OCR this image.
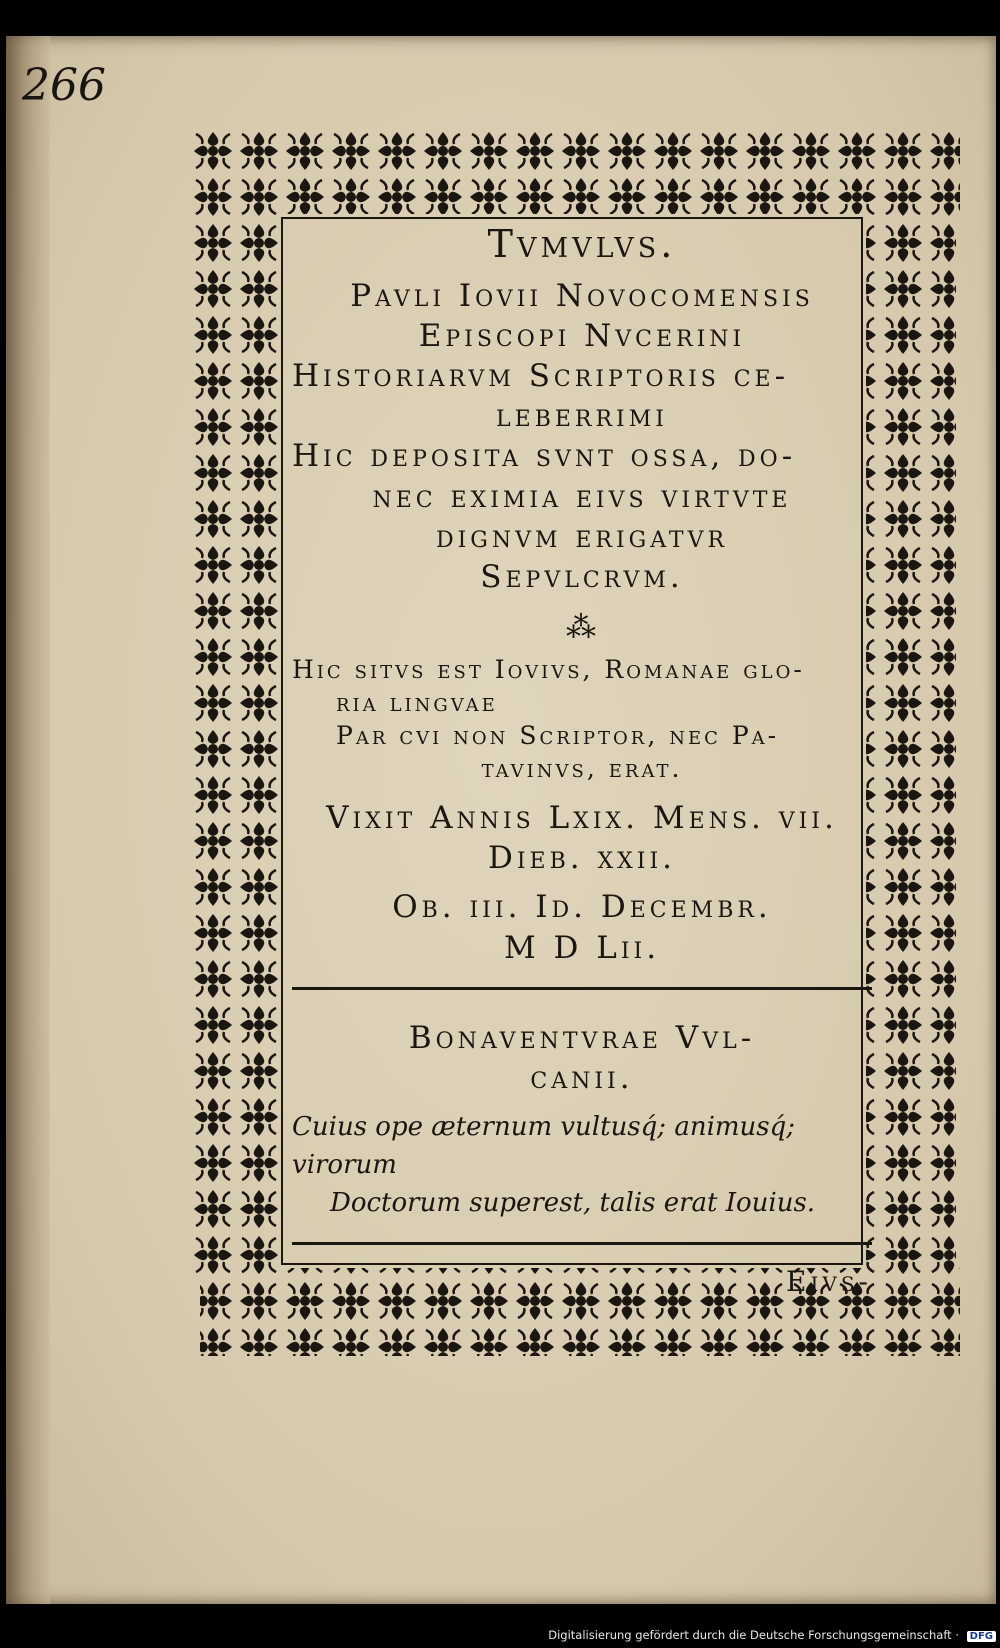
266

Tvmvlvs.

Pavli Iovii Novocomensis

Episcopi Nvcerini

Historiarvm Scriptoris ce-

leberrimi

Hic deposita svnt ossa, do-

nec eximia eivs virtvte

dignvm erigatvr

Sepvlcrvm.

⁂

Hic sitvs est Iovivs, Romanae glo-

ria lingvae

Par cvi non Scriptor, nec Pa-

tavinvs, erat.

Vixit Annis Lxix. Mens. vii.

Dieb. xxii.

Ob. iii. Id. Decembr.

M D Lii.

Bonaventvrae Vvl-

canii.

Cuius ope æternum vultusq́; animusq́; virorum

Doctorum superest, talis erat Iouius.

Eivs-

Digitalisierung gefördert durch die Deutsche Forschungsgemeinschaft · DFG
